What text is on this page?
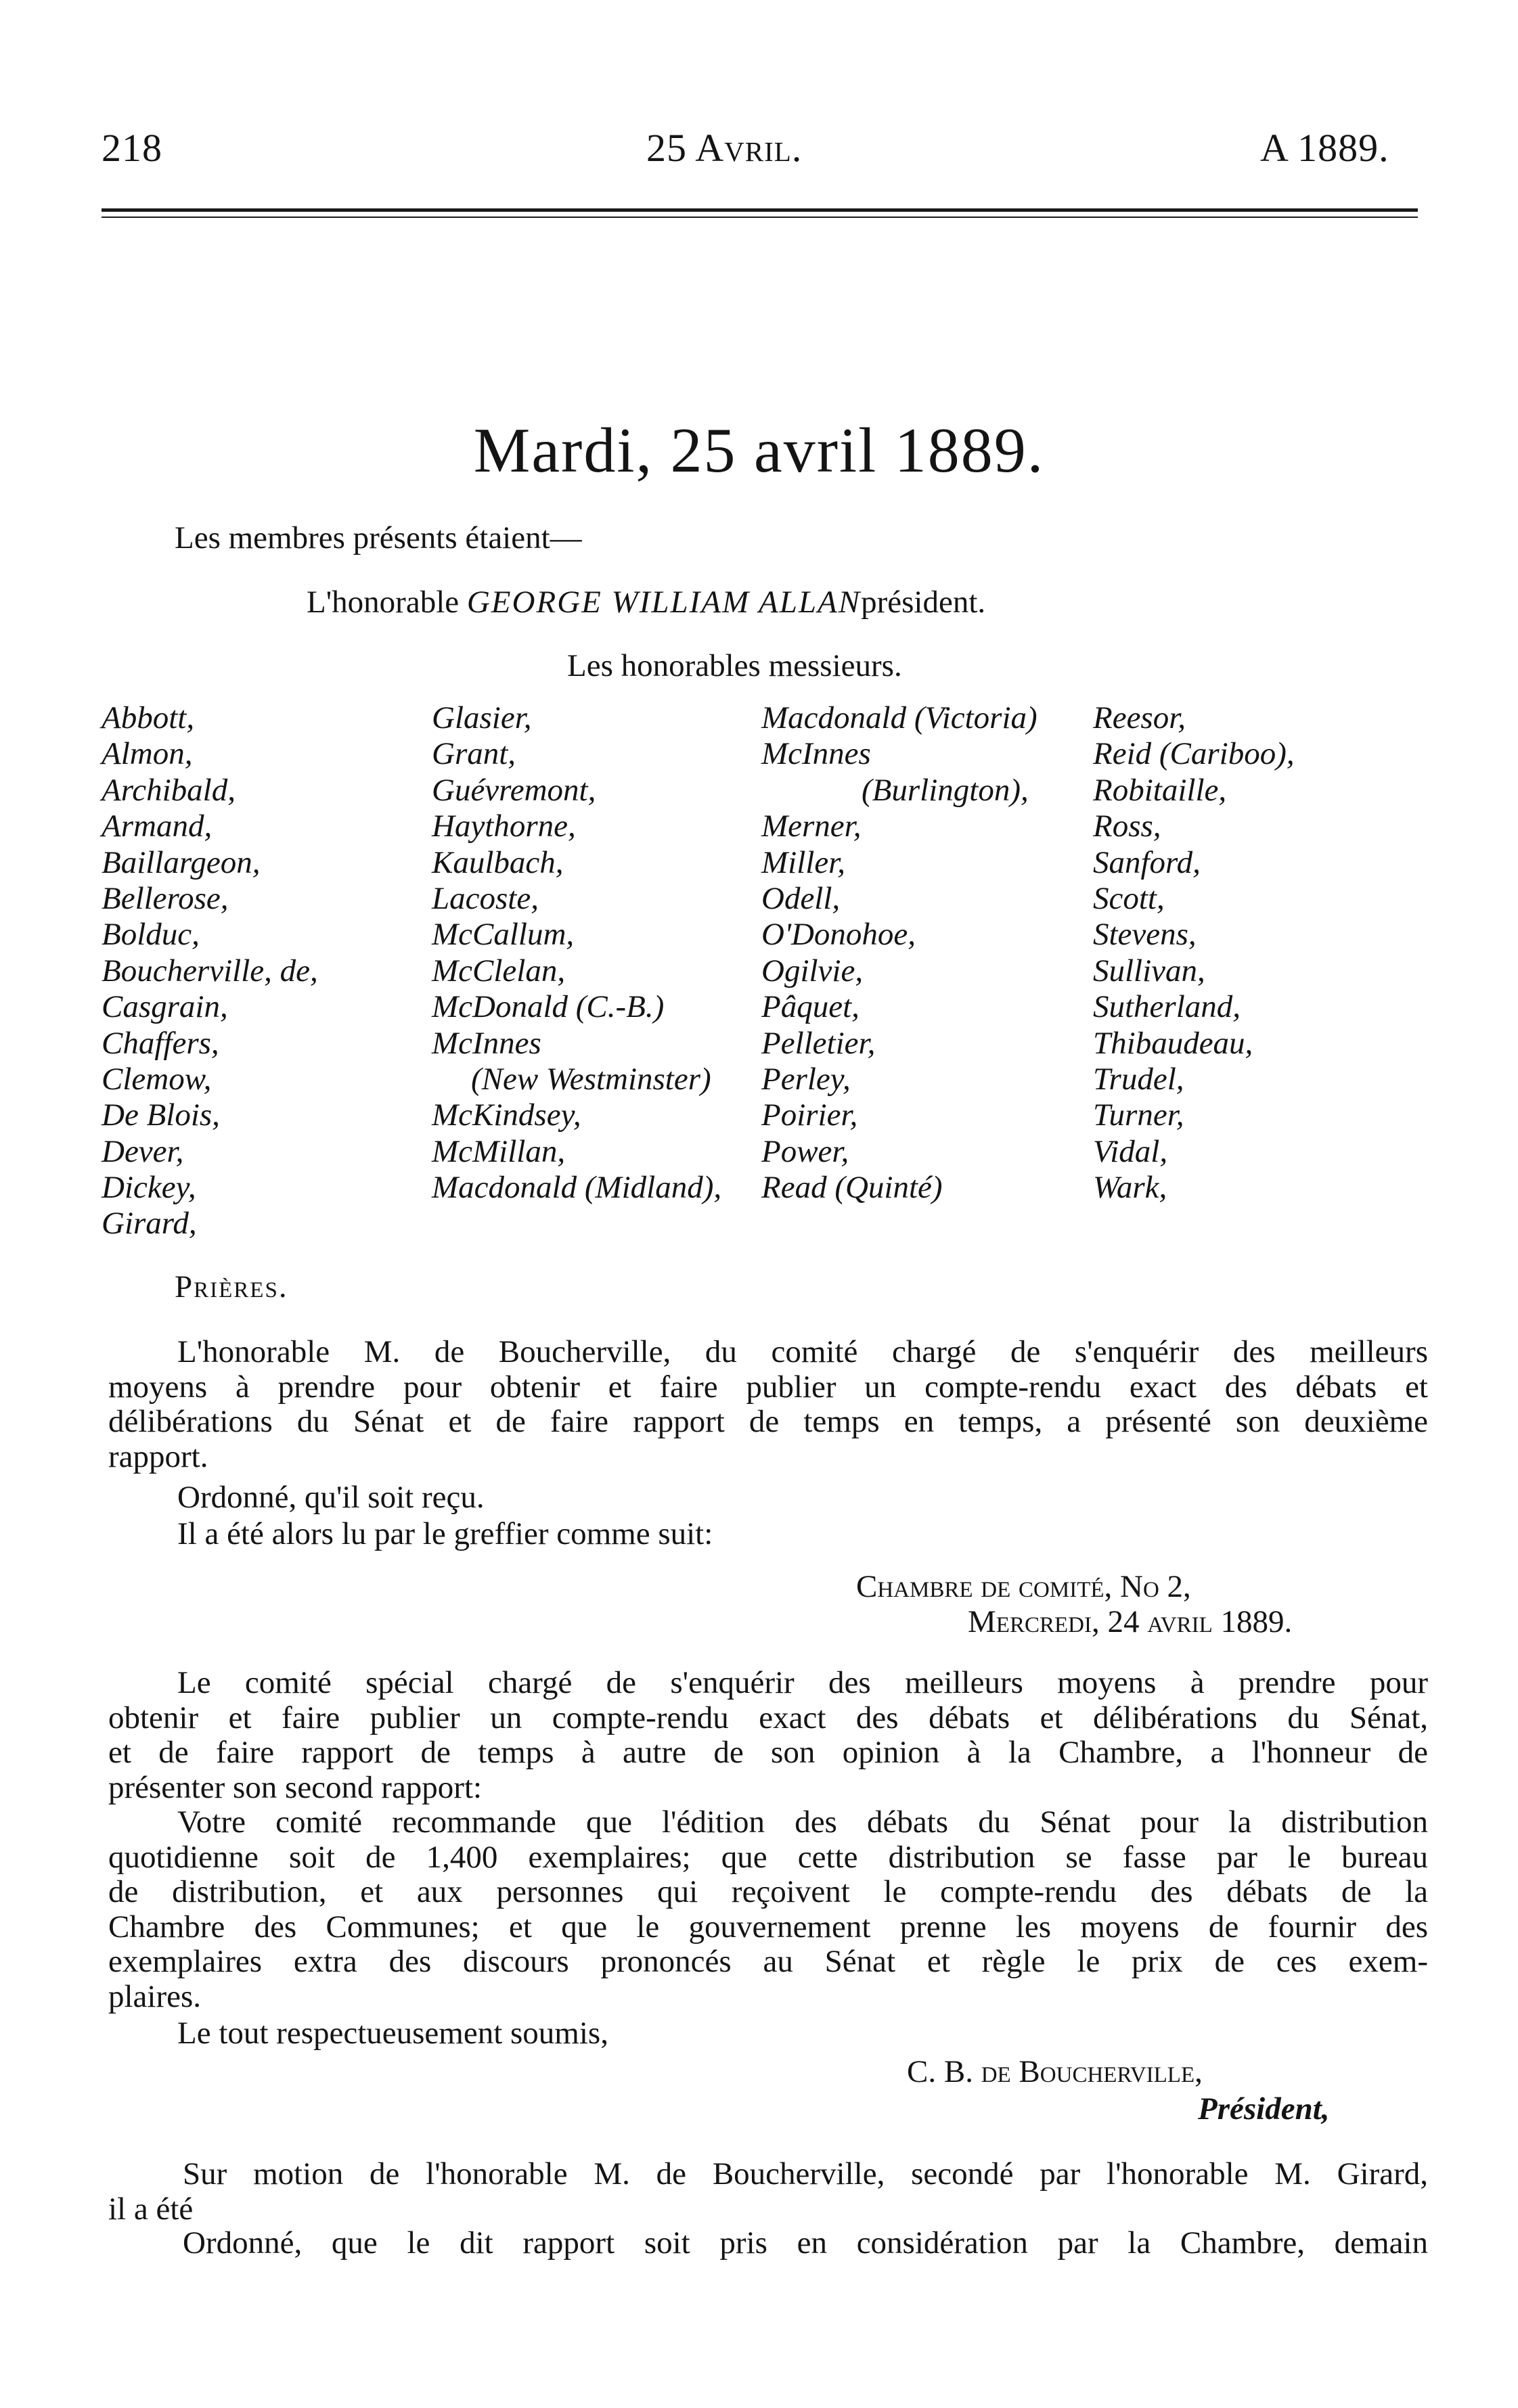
218	25 Avril.	A 1889.
Mardi, 25 avril 1889.
Les membres présents étaient—
L'honorable GEORGE WILLIAM ALLANprésident.
Les honorables messieurs.
Abbott,
Almon,
Archibald,
Armand,
Baillargeon,
Bellerose,
Bolduc,
Boucherville, de,
Casgrain,
Chaffers,
Clemow,
De Blois,
Dever,
Dickey,
Girard,
Glasier,
Grant,
Guévremont,
Haythorne,
Kaulbach,
Lacoste,
McCallum,
McClelan,
McDonald (C.-B.)
McInnes
(New Westminster)
McKindsey,
McMillan,
Macdonald (Midland),
Macdonald (Victoria)
McInnes
(Burlington),
Merner,
Miller,
Odell,
O'Donohoe,
Ogilvie,
Pâquet,
Pelletier,
Perley,
Poirier,
Power,
Read (Quinté)
Reesor,
Reid (Cariboo),
Robitaille,
Ross,
Sanford,
Scott,
Stevens,
Sullivan,
Sutherland,
Thibaudeau,
Trudel,
Turner,
Vidal,
Wark,
Prières.
L'honorable M. de Boucherville, du comité chargé de s'enquérir des meilleurs
moyens à prendre pour obtenir et faire publier un compte-rendu exact des débats et
délibérations du Sénat et de faire rapport de temps en temps, a présenté son deuxième
rapport.
Ordonné, qu'il soit reçu.
Il a été alors lu par le greffier comme suit:
Chambre de comité, No 2,
Mercredi, 24 avril 1889.
Le comité spécial chargé de s'enquérir des meilleurs moyens à prendre pour
obtenir et faire publier un compte-rendu exact des débats et délibérations du Sénat,
et de faire rapport de temps à autre de son opinion à la Chambre, a l'honneur de
présenter son second rapport:
Votre comité recommande que l'édition des débats du Sénat pour la distribution
quotidienne soit de 1,400 exemplaires; que cette distribution se fasse par le bureau
de distribution, et aux personnes qui reçoivent le compte-rendu des débats de la
Chambre des Communes; et que le gouvernement prenne les moyens de fournir des
exemplaires extra des discours prononcés au Sénat et règle le prix de ces exem-
plaires.
Le tout respectueusement soumis,
C. B. de Boucherville,
Président,
Sur motion de l'honorable M. de Boucherville, secondé par l'honorable M. Girard,
il a été
Ordonné, que le dit rapport soit pris en considération par la Chambre, demain
